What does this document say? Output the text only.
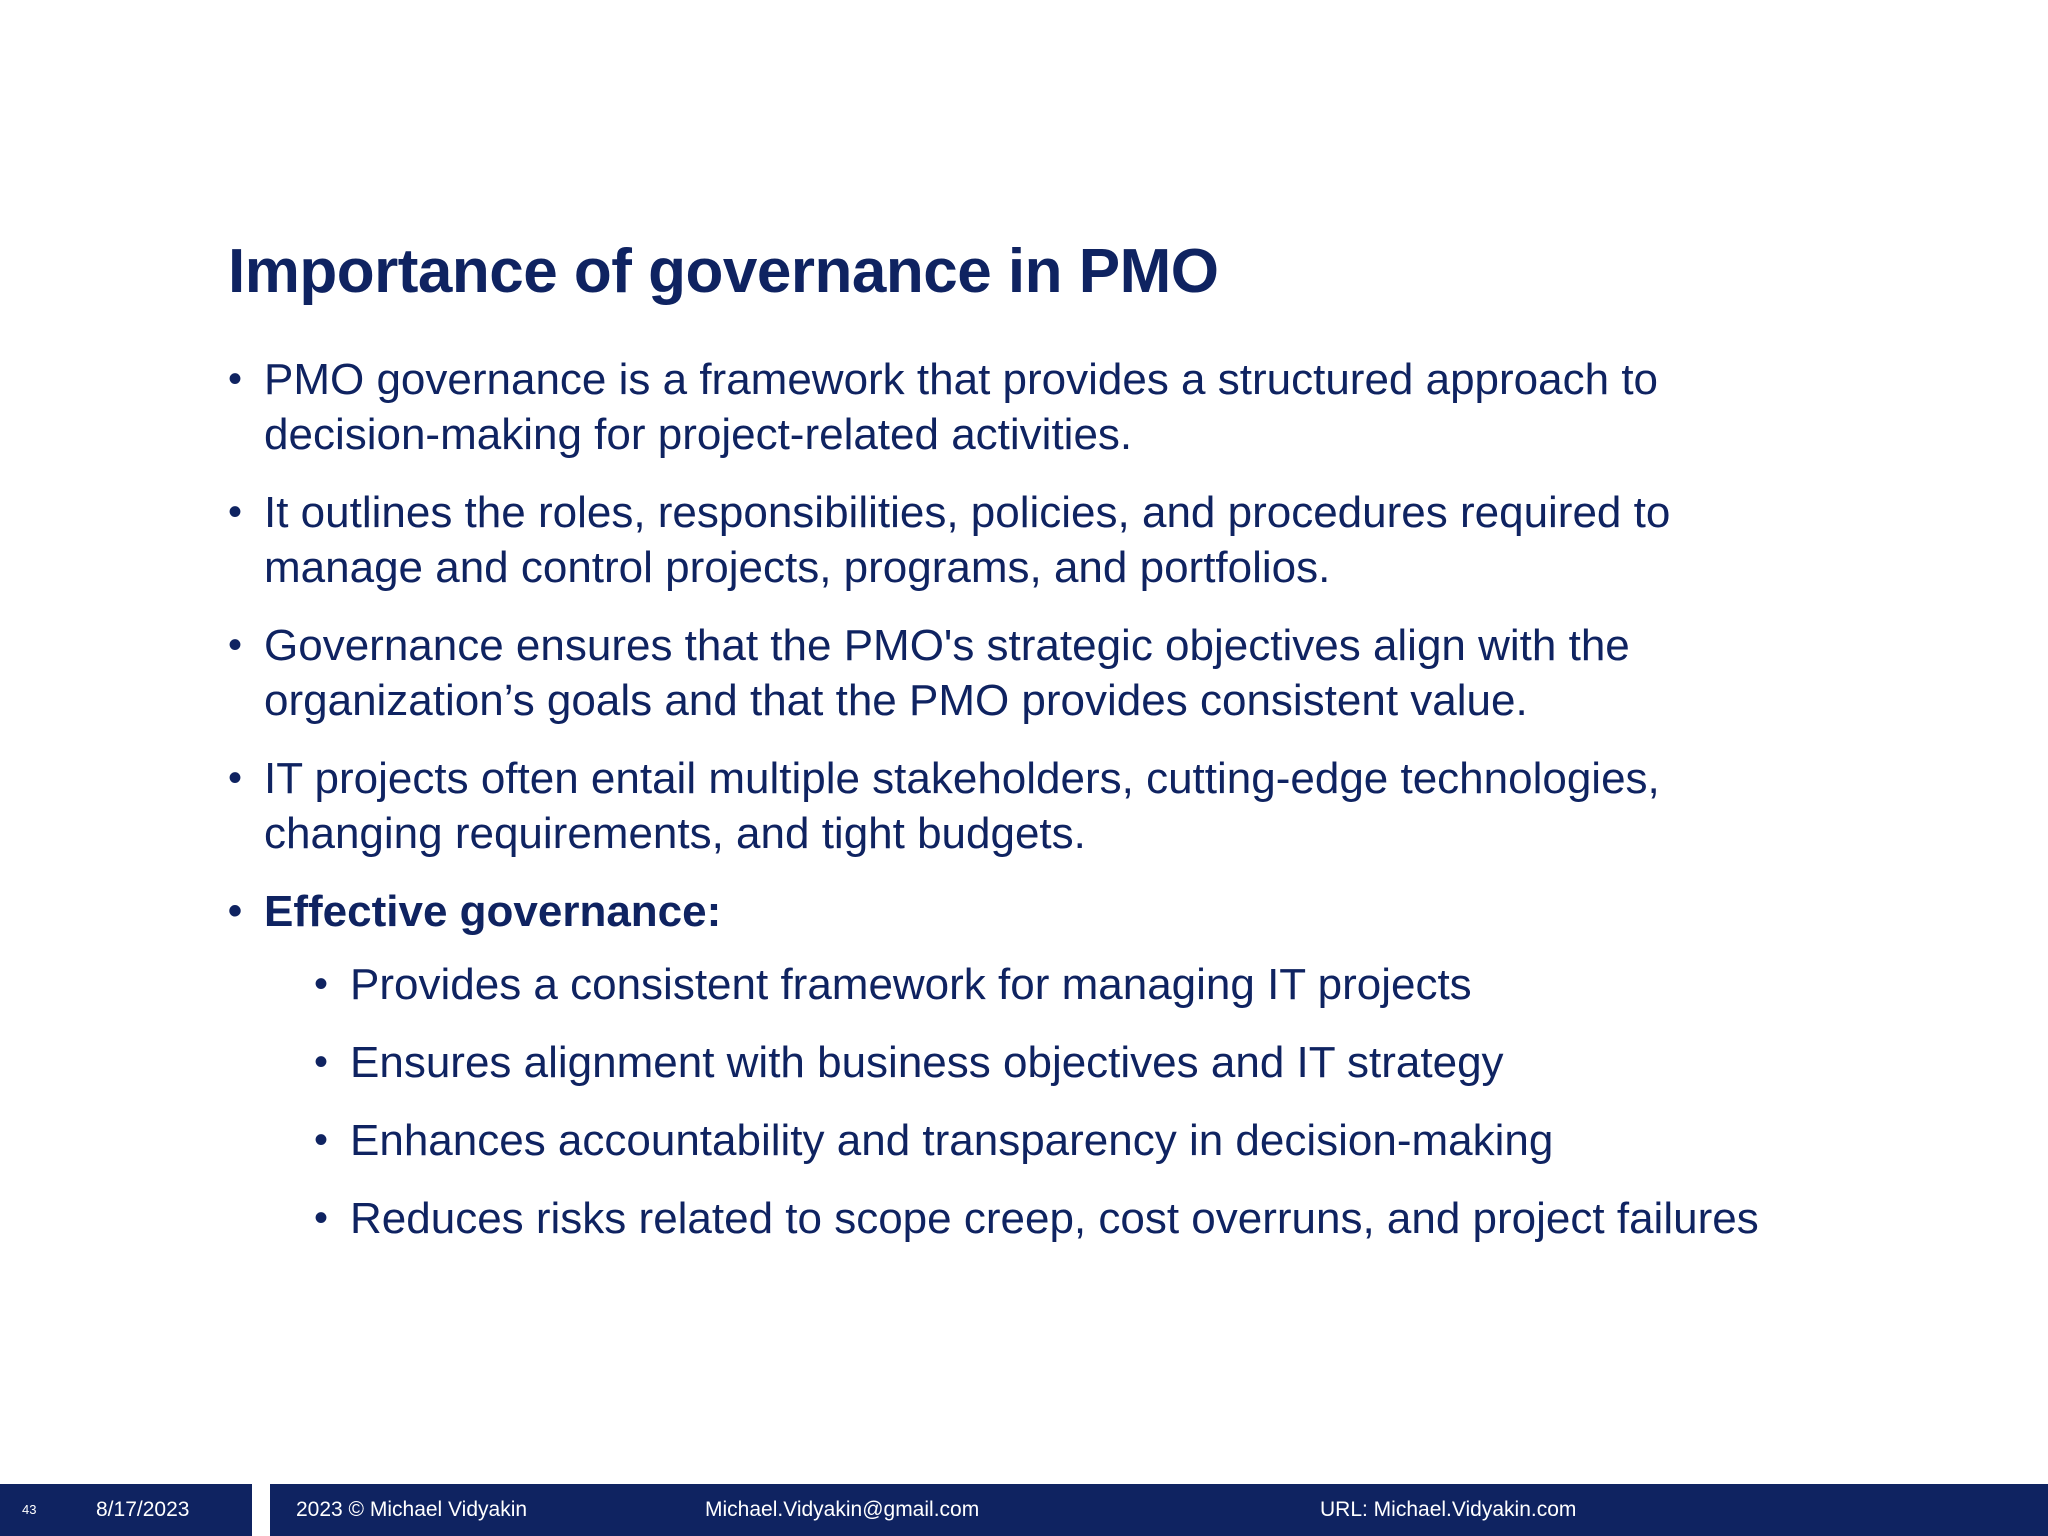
Importance of governance in PMO
• PMO governance is a framework that provides a structured approach to decision-making for project-related activities.
• It outlines the roles, responsibilities, policies, and procedures required to manage and control projects, programs, and portfolios.
• Governance ensures that the PMO's strategic objectives align with the organization’s goals and that the PMO provides consistent value.
• IT projects often entail multiple stakeholders, cutting-edge technologies, changing requirements, and tight budgets.
• Effective governance:
• Provides a consistent framework for managing IT projects
• Ensures alignment with business objectives and IT strategy
• Enhances accountability and transparency in decision-making
• Reduces risks related to scope creep, cost overruns, and project failures
43	8/17/2023	2023 © Michael Vidyakin	Michael.Vidyakin@gmail.com	URL: Michael.Vidyakin.com
